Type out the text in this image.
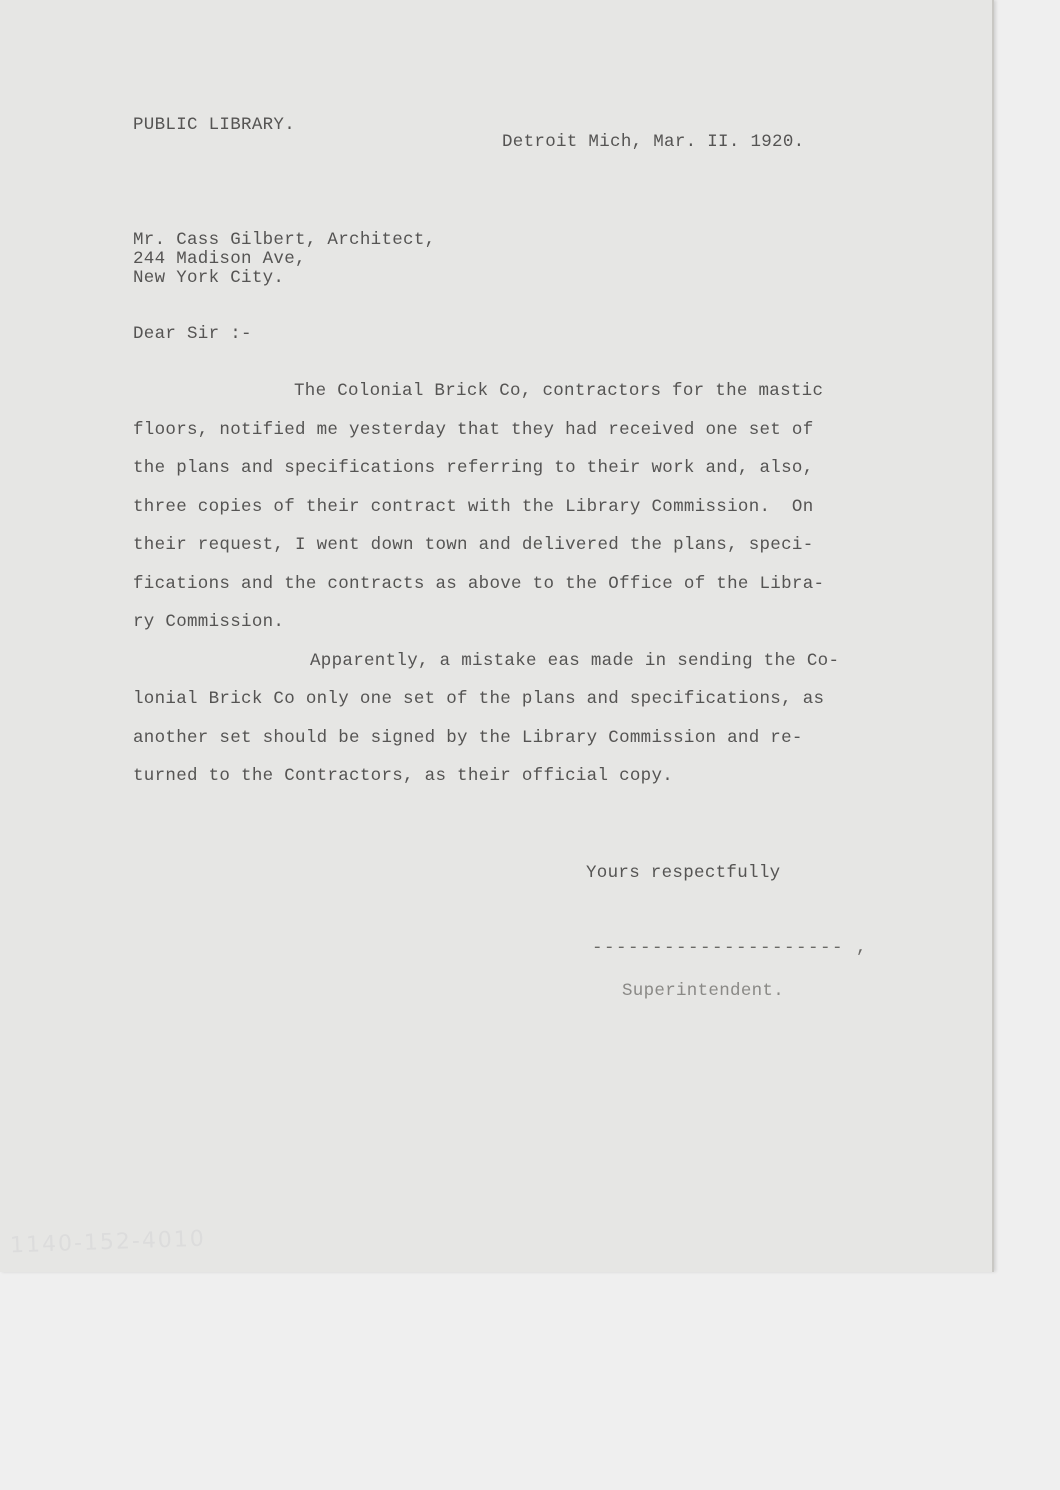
PUBLIC LIBRARY.
Detroit Mich, Mar. II. 1920.
Mr. Cass Gilbert, Architect,
244 Madison Ave,
New York City.
Dear Sir :-
The Colonial Brick Co, contractors for the mastic
floors, notified me yesterday that they had received one set of
the plans and specifications referring to their work and, also,
three copies of their contract with the Library Commission.  On
their request, I went down town and delivered the plans, speci-
fications and the contracts as above to the Office of the Libra-
ry Commission.
Apparently, a mistake eas made in sending the Co-
lonial Brick Co only one set of the plans and specifications, as
another set should be signed by the Library Commission and re-
turned to the Contractors, as their official copy.
Yours respectfully
--------------------- ,
Superintendent.
1140-152-4010
